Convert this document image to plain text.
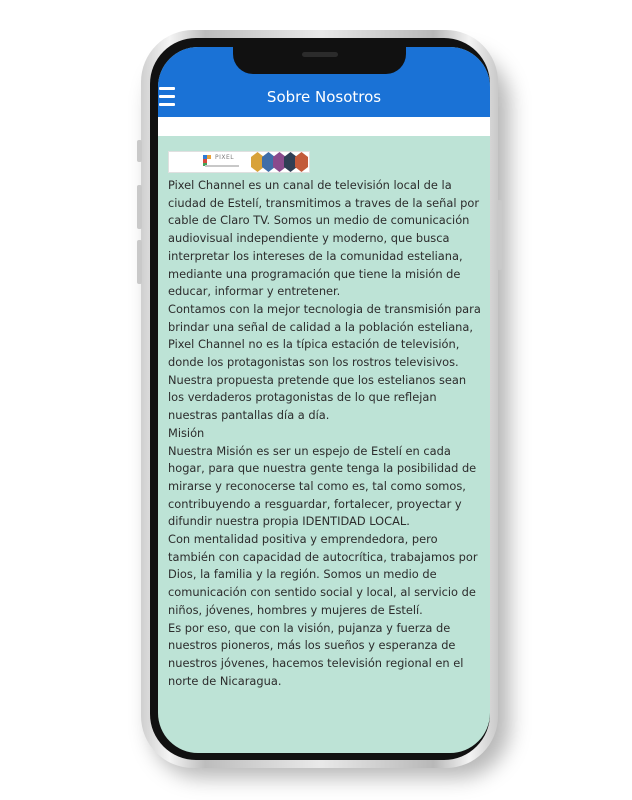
Sobre Nosotros
PIXEL

Pixel Channel es un canal de televisión local de la ciudad de Estelí, transmitimos a traves de la señal por cable de Claro TV. Somos un medio de comunicación audiovisual independiente y moderno, que busca interpretar los intereses de la comunidad esteliana, mediante una programación que tiene la misión de educar, informar y entretener.

Contamos con la mejor tecnologia de transmisión para brindar una señal de calidad a la población esteliana, Pixel Channel no es la típica estación de televisión, donde los protagonistas son los rostros televisivos. Nuestra propuesta pretende que los estelianos sean los verdaderos protagonistas de lo que reflejan nuestras pantallas día a día.

Misión

Nuestra Misión es ser un espejo de Estelí en cada hogar, para que nuestra gente tenga la posibilidad de mirarse y reconocerse tal como es, tal como somos, contribuyendo a resguardar, fortalecer, proyectar y difundir nuestra propia IDENTIDAD LOCAL.

Con mentalidad positiva y emprendedora, pero también con capacidad de autocrítica, trabajamos por Dios, la familia y la región. Somos un medio de comunicación con sentido social y local, al servicio de niños, jóvenes, hombres y mujeres de Estelí.

Es por eso, que con la visión, pujanza y fuerza de nuestros pioneros, más los sueños y esperanza de nuestros jóvenes, hacemos televisión regional en el norte de Nicaragua.
